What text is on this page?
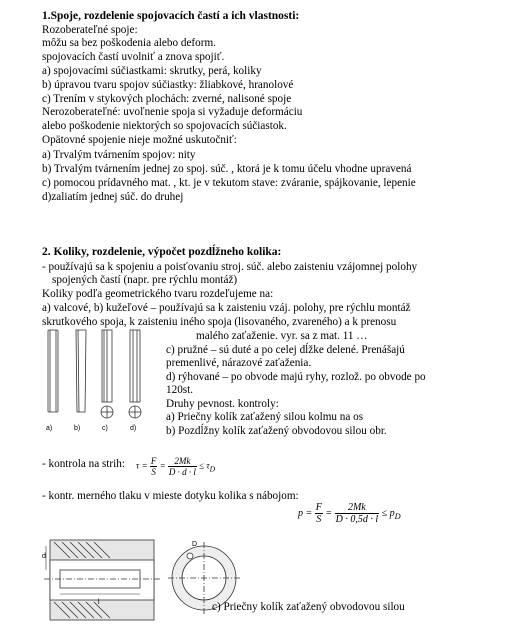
1.Spoje, rozdelenie spojovacích častí a ich vlastnosti:
Rozoberateľné spoje:
môžu sa bez poškodenia alebo deform.
spojovacích častí uvolniť a znova spojiť.
a) spojovacími súčiastkami: skrutky, perá, koliky
b) úpravou tvaru spojov súčiastky: žliabkové, hranolové
c) Trením v stykových plochách: zverné, nalisoné spoje
Nerozoberateľné: uvoľnenie spoja si vyžaduje deformáciu
alebo poškodenie niektorých so spojovacích súčiastok.
Opätovné spojenie nieje možné uskutočniť:
a) Trvalým tvárnením spojov: nity
b) Trvalým tvárnením jednej zo spoj. súč. , ktorá je k tomu účelu vhodne upravená
c) pomocou prídavného mat. , kt. je v tekutom stave: zváranie, spájkovanie, lepenie
d)zaliatím jednej súč. do druhej
2. Koliky, rozdelenie, výpočet pozdĺžneho kolika:
- používajú sa k spojeniu a poisťovaniu stroj. súč. alebo zaisteniu vzájomnej polohy
spojených častí (napr. pre rýchlu montáž)
Koliky podľa geometrického tvaru rozdeľujeme na:
a) valcové, b) kužeľové – používajú sa k zaisteniu vzáj. polohy, pre rýchlu montáž
skrutkového spoja, k zaisteniu iného spoja (lisovaného, zvareného) a k prenosu
malého zaťaženie. vyr. sa z mat. 11 …
c) pružné – sú duté a po celej dĺžke delené. Prenášajú
premenlivé, nárazové zaťaženia.
d) rýhované – po obvode majú ryhy, rozlož. po obvode po
120st.
Druhy pevnost. kontroly:
a) Priečny kolík zaťažený silou kolmu na os
b) Pozdĺžny kolík zaťažený obvodovou silou obr.
a)	b)	c)	d)
- kontrola na strih: $\tau = \frac{F}{S} = \frac{2Mk}{D \cdot d \cdot l} \le \tau_D$
- kontr. merného tlaku v mieste dotyku kolika s nábojom:
$p = \frac{F}{S} = \frac{2Mk}{D \cdot 0,5d \cdot l} \le p_D$
d
l
D
c) Priečny kolík zaťažený obvodovou silou
